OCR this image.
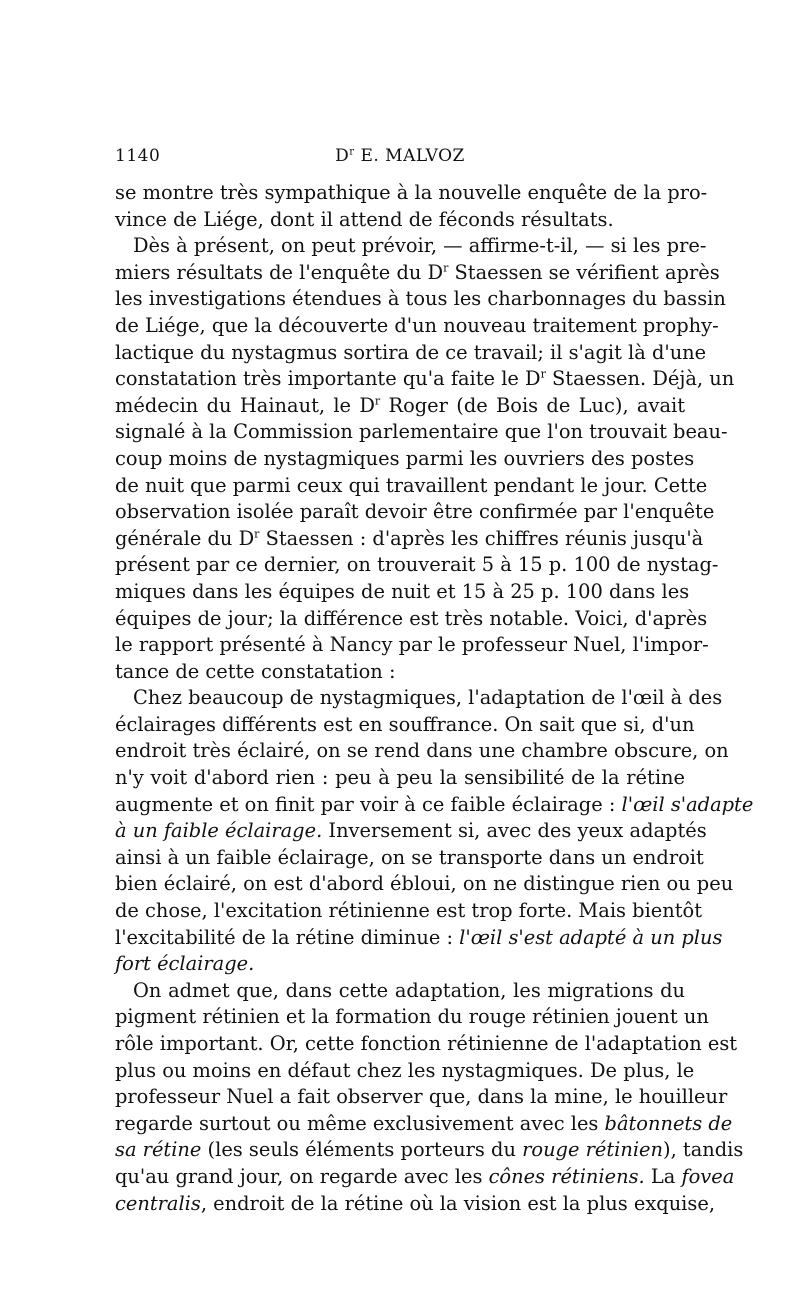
1140	$D^r$ E. MALVOZ
se montre très sympathique à la nouvelle enquête de la pro-
vince de Liége, dont il attend de féconds résultats.
Dès à présent, on peut prévoir, — affirme-t-il, — si les pre-
miers résultats de l'enquête du $D^r$ Staessen se vérifient après
les investigations étendues à tous les charbonnages du bassin
de Liége, que la découverte d'un nouveau traitement prophy-
lactique du nystagmus sortira de ce travail; il s'agit là d'une
constatation très importante qu'a faite le $D^r$ Staessen. Déjà, un
médecin du Hainaut, le $D^r$ Roger (de Bois de Luc), avait
signalé à la Commission parlementaire que l'on trouvait beau-
coup moins de nystagmiques parmi les ouvriers des postes
de nuit que parmi ceux qui travaillent pendant le jour. Cette
observation isolée paraît devoir être confirmée par l'enquête
générale du $D^r$ Staessen : d'après les chiffres réunis jusqu'à
présent par ce dernier, on trouverait 5 à 15 p. 100 de nystag-
miques dans les équipes de nuit et 15 à 25 p. 100 dans les
équipes de jour; la différence est très notable. Voici, d'après
le rapport présenté à Nancy par le professeur Nuel, l'impor-
tance de cette constatation :
Chez beaucoup de nystagmiques, l'adaptation de l'œil à des
éclairages différents est en souffrance. On sait que si, d'un
endroit très éclairé, on se rend dans une chambre obscure, on
n'y voit d'abord rien : peu à peu la sensibilité de la rétine
augmente et on finit par voir à ce faible éclairage : l'œil s'adapte
à un faible éclairage. Inversement si, avec des yeux adaptés
ainsi à un faible éclairage, on se transporte dans un endroit
bien éclairé, on est d'abord ébloui, on ne distingue rien ou peu
de chose, l'excitation rétinienne est trop forte. Mais bientôt
l'excitabilité de la rétine diminue : l'œil s'est adapté à un plus
fort éclairage.
On admet que, dans cette adaptation, les migrations du
pigment rétinien et la formation du rouge rétinien jouent un
rôle important. Or, cette fonction rétinienne de l'adaptation est
plus ou moins en défaut chez les nystagmiques. De plus, le
professeur Nuel a fait observer que, dans la mine, le houilleur
regarde surtout ou même exclusivement avec les bâtonnets de
sa rétine (les seuls éléments porteurs du rouge rétinien), tandis
qu'au grand jour, on regarde avec les cônes rétiniens. La fovea
centralis, endroit de la rétine où la vision est la plus exquise,
